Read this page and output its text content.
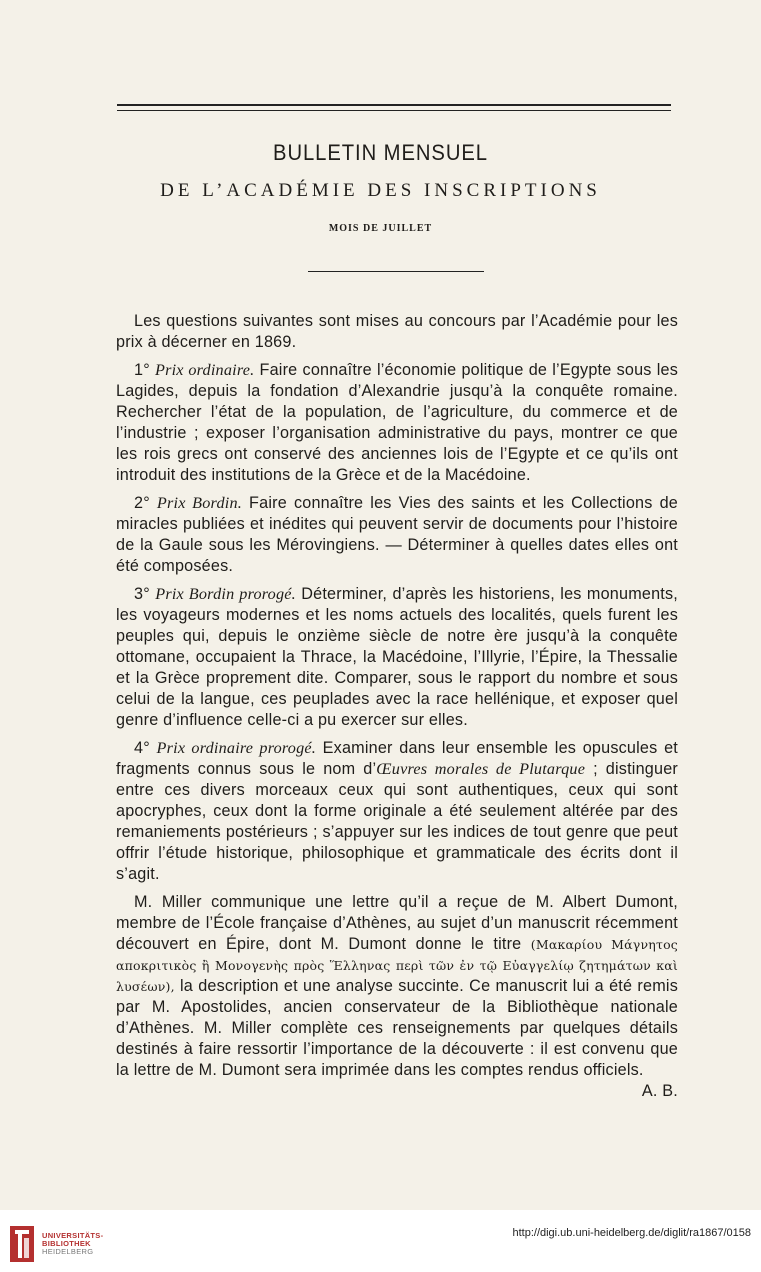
BULLETIN MENSUEL
DE L’ACADÉMIE DES INSCRIPTIONS
MOIS DE JUILLET

Les questions suivantes sont mises au concours par l’Académie pour les prix à décerner en 1869.

1° Prix ordinaire. Faire connaître l’économie politique de l’Egypte sous les Lagides, depuis la fondation d’Alexandrie jusqu’à la conquête romaine. Rechercher l’état de la population, de l’agriculture, du commerce et de l’industrie ; exposer l’organisation administrative du pays, montrer ce que les rois grecs ont conservé des anciennes lois de l’Egypte et ce qu’ils ont introduit des institutions de la Grèce et de la Macédoine.

2° Prix Bordin. Faire connaître les Vies des saints et les Collections de miracles publiées et inédites qui peuvent servir de documents pour l’histoire de la Gaule sous les Mérovingiens. — Déterminer à quelles dates elles ont été composées.

3° Prix Bordin prorogé. Déterminer, d’après les historiens, les monuments, les voyageurs modernes et les noms actuels des localités, quels furent les peuples qui, depuis le onzième siècle de notre ère jusqu’à la conquête ottomane, occupaient la Thrace, la Macédoine, l’Illyrie, l’Épire, la Thessalie et la Grèce proprement dite. Comparer, sous le rapport du nombre et sous celui de la langue, ces peuplades avec la race hellénique, et exposer quel genre d’influence celle-ci a pu exercer sur elles.

4° Prix ordinaire prorogé. Examiner dans leur ensemble les opuscules et fragments connus sous le nom d’Œuvres morales de Plutarque ; distinguer entre ces divers morceaux ceux qui sont authentiques, ceux qui sont apocryphes, ceux dont la forme originale a été seulement altérée par des remaniements postérieurs ; s’appuyer sur les indices de tout genre que peut offrir l’étude historique, philosophique et grammaticale des écrits dont il s’agit.

M. Miller communique une lettre qu’il a reçue de M. Albert Dumont, membre de l’École française d’Athènes, au sujet d’un manuscrit récemment découvert en Épire, dont M. Dumont donne le titre (Μακαρίου Μάγνητος αποκριτικὸς ἢ Μονογενὴς πρὸς Ἕλληνας περὶ τῶν ἐν τῷ Εὐαγγελίῳ ζητημάτων καὶ λυσέων), la description et une analyse succinte. Ce manuscrit lui a été remis par M. Apostolides, ancien conservateur de la Bibliothèque nationale d’Athènes. M. Miller complète ces renseignements par quelques détails destinés à faire ressortir l’importance de la découverte : il est convenu que la lettre de M. Dumont sera imprimée dans les comptes rendus officiels.
A. B.

UNIVERSITÄTS-
BIBLIOTHEK
HEIDELBERG
http://digi.ub.uni-heidelberg.de/diglit/ra1867/0158
